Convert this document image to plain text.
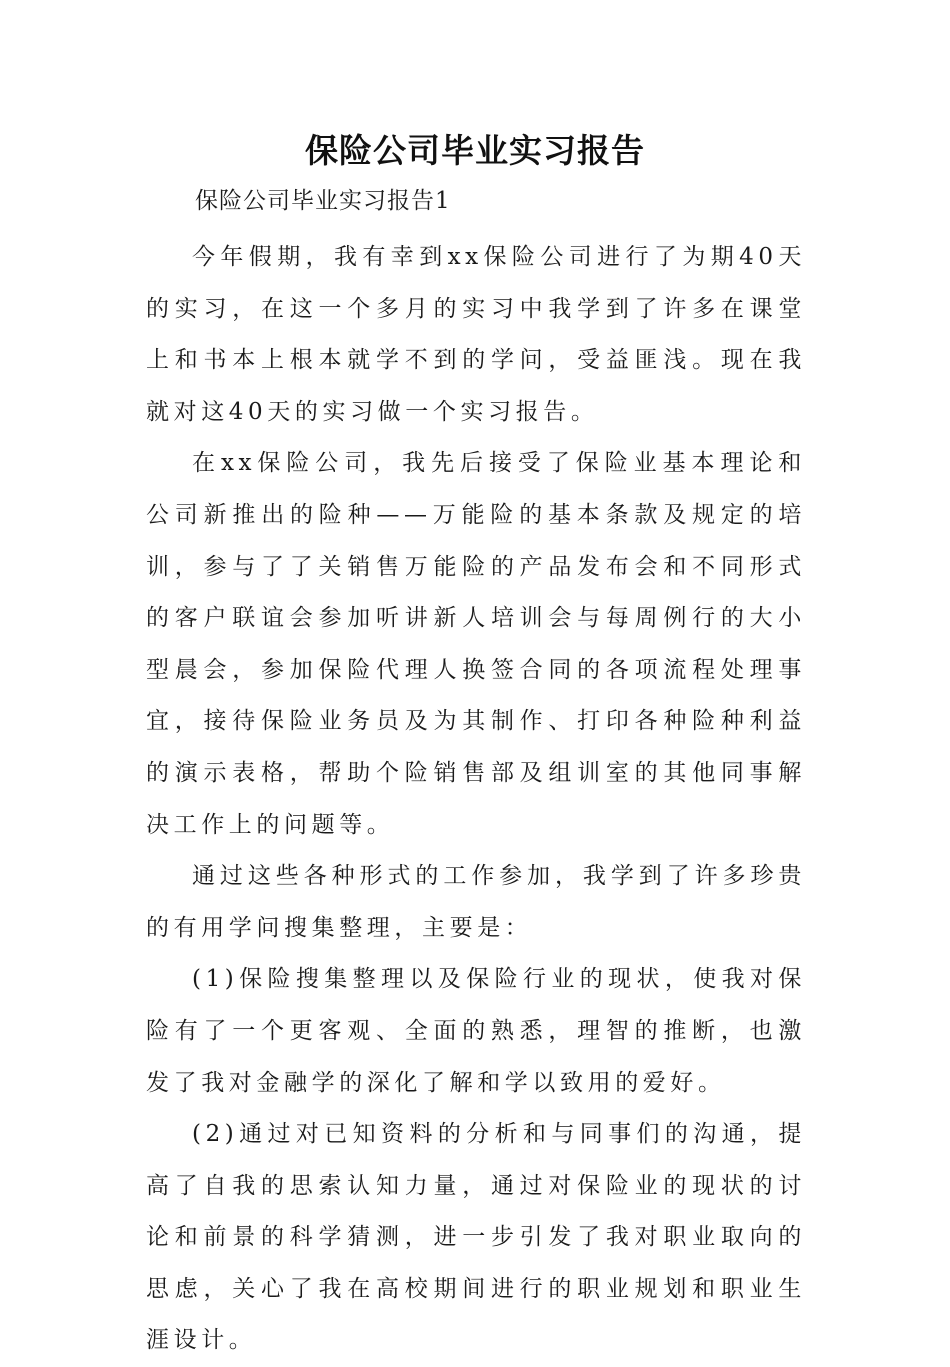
保险公司毕业实习报告
保险公司毕业实习报告1

今年假期，我有幸到xx保险公司进行了为期40天的实习，在这一个多月的实习中我学到了许多在课堂上和书本上根本就学不到的学问，受益匪浅。现在我就对这40天的实习做一个实习报告。

在xx保险公司，我先后接受了保险业基本理论和公司新推出的险种——万能险的基本条款及规定的培训，参与了了关销售万能险的产品发布会和不同形式的客户联谊会参加听讲新人培训会与每周例行的大小型晨会，参加保险代理人换签合同的各项流程处理事宜，接待保险业务员及为其制作、打印各种险种利益的演示表格，帮助个险销售部及组训室的其他同事解决工作上的问题等。

通过这些各种形式的工作参加，我学到了许多珍贵的有用学问搜集整理，主要是：

(1)保险搜集整理以及保险行业的现状，使我对保险有了一个更客观、全面的熟悉，理智的推断，也激发了我对金融学的深化了解和学以致用的爱好。

(2)通过对已知资料的分析和与同事们的沟通，提高了自我的思索认知力量，通过对保险业的现状的讨论和前景的科学猜测，进一步引发了我对职业取向的思虑，关心了我在高校期间进行的职业规划和职业生涯设计。
